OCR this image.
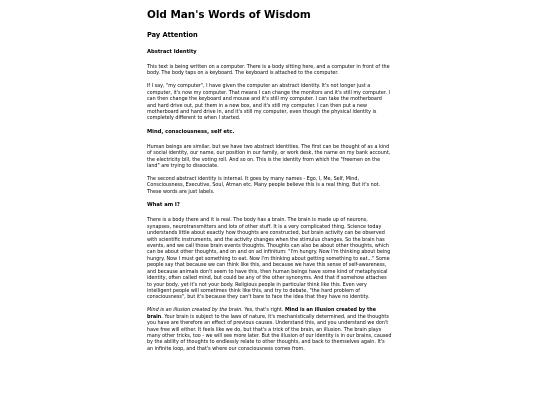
Old Man's Words of Wisdom
Pay Attention
Abstract Identity

This text is being written on a computer. There is a body sitting here, and a computer in front of the body. The body taps on a keyboard. The keyboard is attached to the computer.

If I say, "my computer", I have given the computer an abstract identity. It's not longer just a computer, it's now my computer. That means I can change the monitors and it's still my computer. I can then change the keyboard and mouse and it's still my computer. I can take the motherboard and hard drive out, put them in a new box, and it's still my computer. I can then put a new motherboard and hard drive in, and it's still my computer, even though the physical identity is completely different to when I started.

Mind, consciousness, self etc.

Human beings are similar, but we have two abstract identities. The first can be thought of as a kind of social identity, our name, our position in our family, or work desk, the name on my bank account, the electricity bill, the voting roll. And so on. This is the identity from which the "freemen on the land" are trying to dissociate.

The second abstract identity is internal. It goes by many names - Ego, I, Me, Self, Mind, Consciousness, Executive, Soul, Atman etc. Many people believe this is a real thing. But it's not. These words are just labels.

What am I?

There is a body there and it is real. The body has a brain. The brain is made up of neurons, synapses, neurotransmitters and lots of other stuff. It is a very complicated thing. Science today understands little about exactly how thoughts are constructed, but brain activity can be observed with scientific instruments, and the activity changes when the stimulus changes. So the brain has events, and we call those brain events thoughts. Thoughts can also be about other thoughts, which can be about other thoughts, and on and on ad infinitum: "I'm hungry. Now I'm thinking about being hungry. Now I must get something to eat. Now I'm thinking about getting something to eat..." Some people say that because we can think like this, and because we have this sense of self-awareness, and because animals don't seem to have this, then human beings have some kind of metaphysical identity, often called mind, but could be any of the other synonyms. And that if somehow attaches to your body, yet it's not your body. Religious people in particular think like this. Even very intelligent people will sometimes think like this, and try to debate, "the hard problem of consciousness", but it's because they can't bare to face the idea that they have no identity.

Mind is an illusion created by the brain. Yes, that's right. Mind is an illusion created by the brain. Your brain is subject to the laws of nature, it's mechanistically determined, and the thoughts you have are therefore an effect of previous causes. Understand this, and you understand we don't have free will either. It feels like we do, but that's a trick of the brain, an illusion. The brain plays many other tricks, too - we will see more later. But the illusion of our identity is in our brains, caused by the ability of thoughts to endlessly relate to other thoughts, and back to themselves again. It's an infinite loop, and that's where our consciousness comes from.
